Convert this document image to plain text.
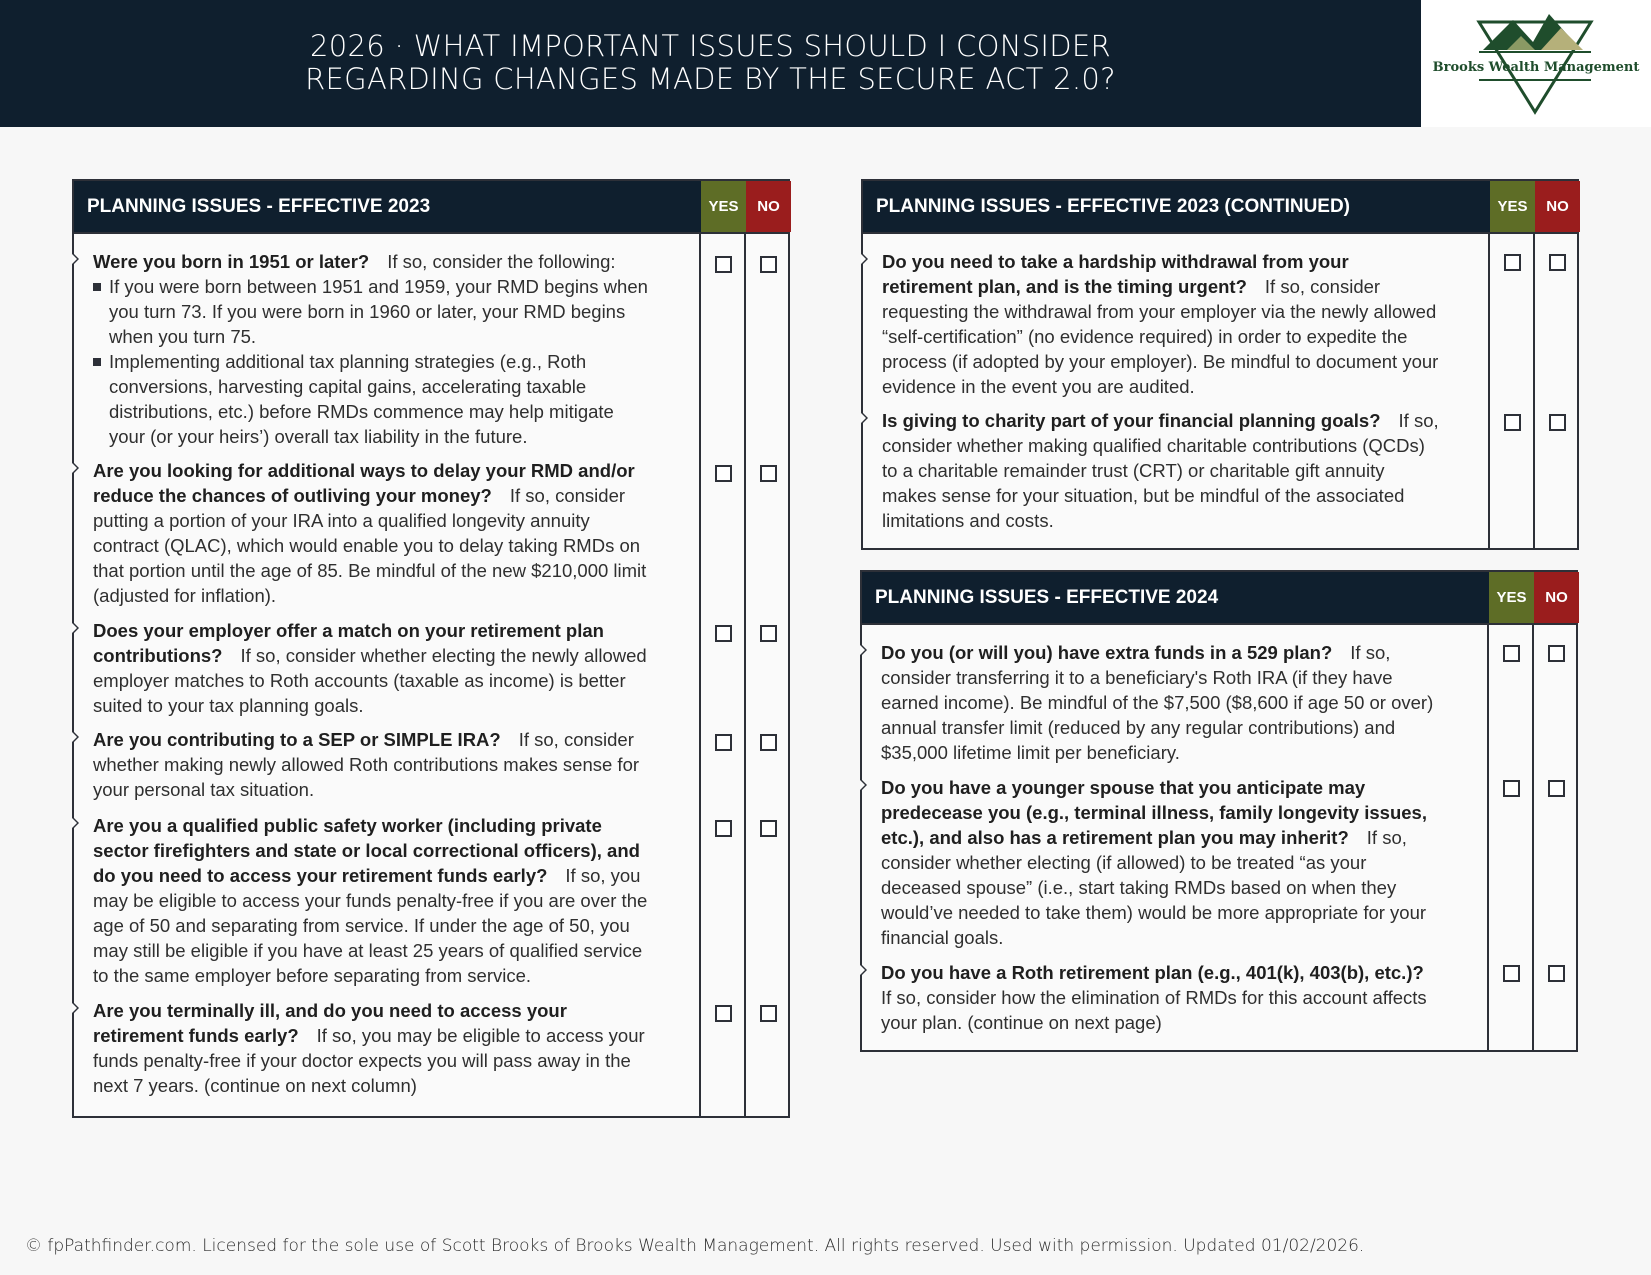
2026 · WHAT IMPORTANT ISSUES SHOULD I CONSIDER
REGARDING CHANGES MADE BY THE SECURE ACT 2.0?	Brooks Wealth Management
PLANNING ISSUES - EFFECTIVE 2023	YES	NO
Were you born in 1951 or later? If so, consider the following:
If you were born between 1951 and 1959, your RMD begins when you turn 73. If you were born in 1960 or later, your RMD begins when you turn 75.
Implementing additional tax planning strategies (e.g., Roth conversions, harvesting capital gains, accelerating taxable distributions, etc.) before RMDs commence may help mitigate your (or your heirs’) overall tax liability in the future.
Are you looking for additional ways to delay your RMD and/or reduce the chances of outliving your money? If so, consider putting a portion of your IRA into a qualified longevity annuity contract (QLAC), which would enable you to delay taking RMDs on that portion until the age of 85. Be mindful of the new $210,000 limit (adjusted for inflation).
Does your employer offer a match on your retirement plan contributions? If so, consider whether electing the newly allowed employer matches to Roth accounts (taxable as income) is better suited to your tax planning goals.
Are you contributing to a SEP or SIMPLE IRA? If so, consider whether making newly allowed Roth contributions makes sense for your personal tax situation.
Are you a qualified public safety worker (including private sector firefighters and state or local correctional officers), and do you need to access your retirement funds early? If so, you may be eligible to access your funds penalty-free if you are over the age of 50 and separating from service. If under the age of 50, you may still be eligible if you have at least 25 years of qualified service to the same employer before separating from service.
Are you terminally ill, and do you need to access your retirement funds early? If so, you may be eligible to access your funds penalty-free if your doctor expects you will pass away in the next 7 years. (continue on next column)
PLANNING ISSUES - EFFECTIVE 2023 (CONTINUED)	YES	NO
Do you need to take a hardship withdrawal from your retirement plan, and is the timing urgent? If so, consider requesting the withdrawal from your employer via the newly allowed “self-certification” (no evidence required) in order to expedite the process (if adopted by your employer). Be mindful to document your evidence in the event you are audited.
Is giving to charity part of your financial planning goals? If so, consider whether making qualified charitable contributions (QCDs) to a charitable remainder trust (CRT) or charitable gift annuity makes sense for your situation, but be mindful of the associated limitations and costs.
PLANNING ISSUES - EFFECTIVE 2024	YES	NO
Do you (or will you) have extra funds in a 529 plan? If so, consider transferring it to a beneficiary's Roth IRA (if they have earned income). Be mindful of the $7,500 ($8,600 if age 50 or over) annual transfer limit (reduced by any regular contributions) and $35,000 lifetime limit per beneficiary.
Do you have a younger spouse that you anticipate may predecease you (e.g., terminal illness, family longevity issues, etc.), and also has a retirement plan you may inherit? If so, consider whether electing (if allowed) to be treated “as your deceased spouse” (i.e., start taking RMDs based on when they would’ve needed to take them) would be more appropriate for your financial goals.
Do you have a Roth retirement plan (e.g., 401(k), 403(b), etc.)?
If so, consider how the elimination of RMDs for this account affects your plan. (continue on next page)
© fpPathfinder.com. Licensed for the sole use of Scott Brooks of Brooks Wealth Management. All rights reserved. Used with permission. Updated 01/02/2026.
